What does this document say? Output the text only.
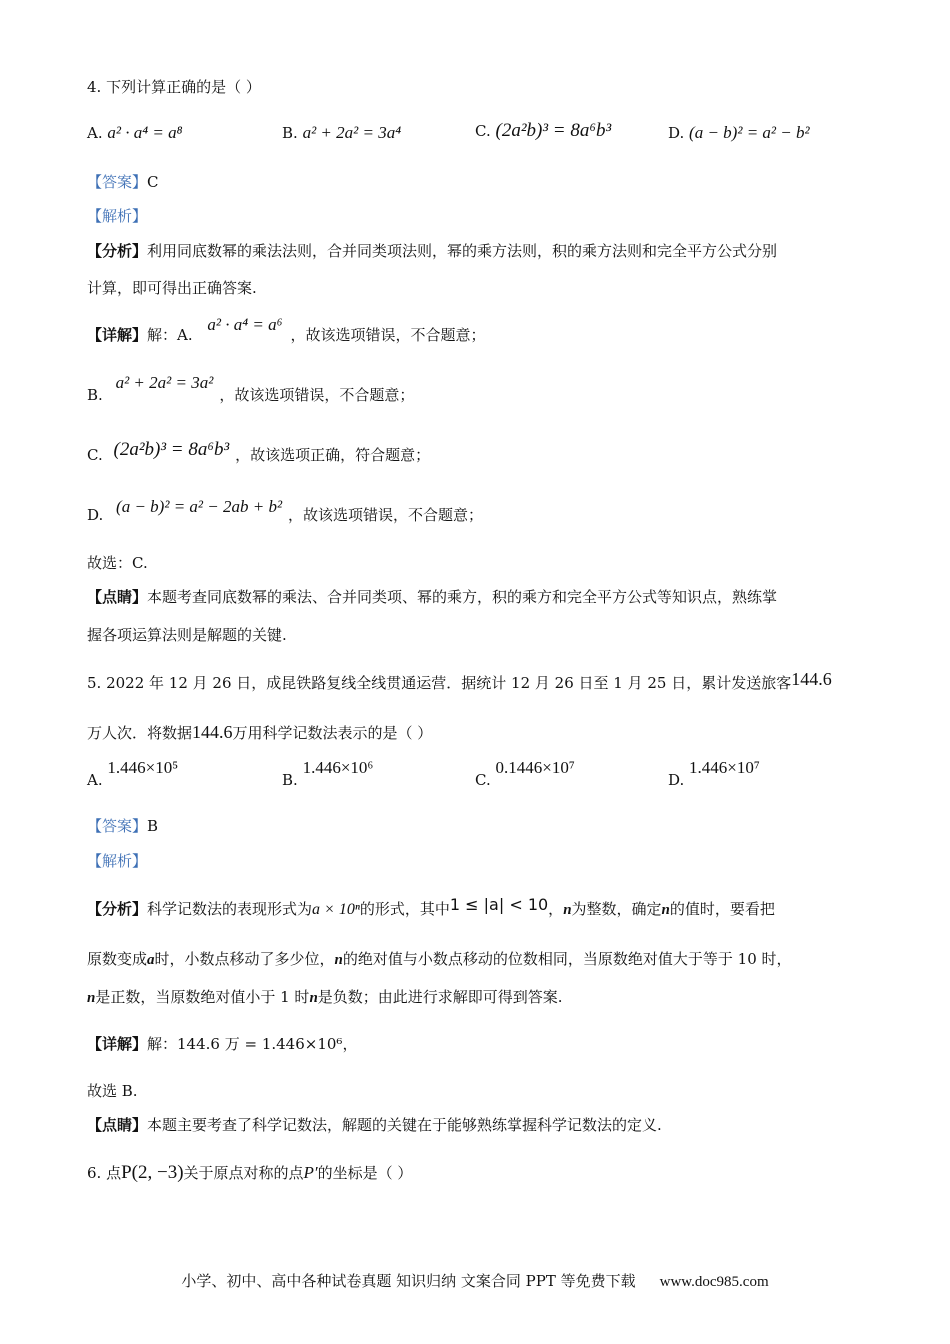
4. 下列计算正确的是（ ）
A. a² · a⁴ = a⁸	B. a² + 2a² = 3a⁴	C. (2a²b)³ = 8a⁶b³	D. (a − b)² = a² − b²
【答案】C
【解析】
【分析】利用同底数幂的乘法法则，合并同类项法则，幂的乘方法则，积的乘方法则和完全平方公式分别
计算，即可得出正确答案.
【详解】解：A. a² · a⁴ = a⁶，故该选项错误，不合题意；
B. a² + 2a² = 3a²，故该选项错误，不合题意；
C. (2a²b)³ = 8a⁶b³ ，故该选项正确，符合题意；
D. (a − b)² = a² − 2ab + b² ，故该选项错误，不合题意；
故选：C.
【点睛】本题考查同底数幂的乘法、合并同类项、幂的乘方，积的乘方和完全平方公式等知识点，熟练掌
握各项运算法则是解题的关键.
5. 2022 年 12 月 26 日，成昆铁路复线全线贯通运营．据统计 12 月 26 日至 1 月 25 日，累计发送旅客144.6
万人次．将数据144.6万用科学记数法表示的是（ ）
A. 1.446×10⁵
B. 1.446×10⁶
C. 0.1446×10⁷
D. 1.446×10⁷
【答案】B
【解析】
【分析】科学记数法的表现形式为a × 10ⁿ的形式，其中1 ≤ |a| < 10，n为整数，确定n的值时，要看把
原数变成a时，小数点移动了多少位，n的绝对值与小数点移动的位数相同，当原数绝对值大于等于 10 时，
n是正数，当原数绝对值小于 1 时n是负数；由此进行求解即可得到答案.
【详解】解：144.6 万 = 1.446×10⁶，
故选 B.
【点睛】本题主要考查了科学记数法，解题的关键在于能够熟练掌握科学记数法的定义.
6. 点P(2, −3)关于原点对称的点P′的坐标是（ ）
小学、初中、高中各种试卷真题 知识归纳 文案合同 PPT 等免费下载 www.doc985.com
